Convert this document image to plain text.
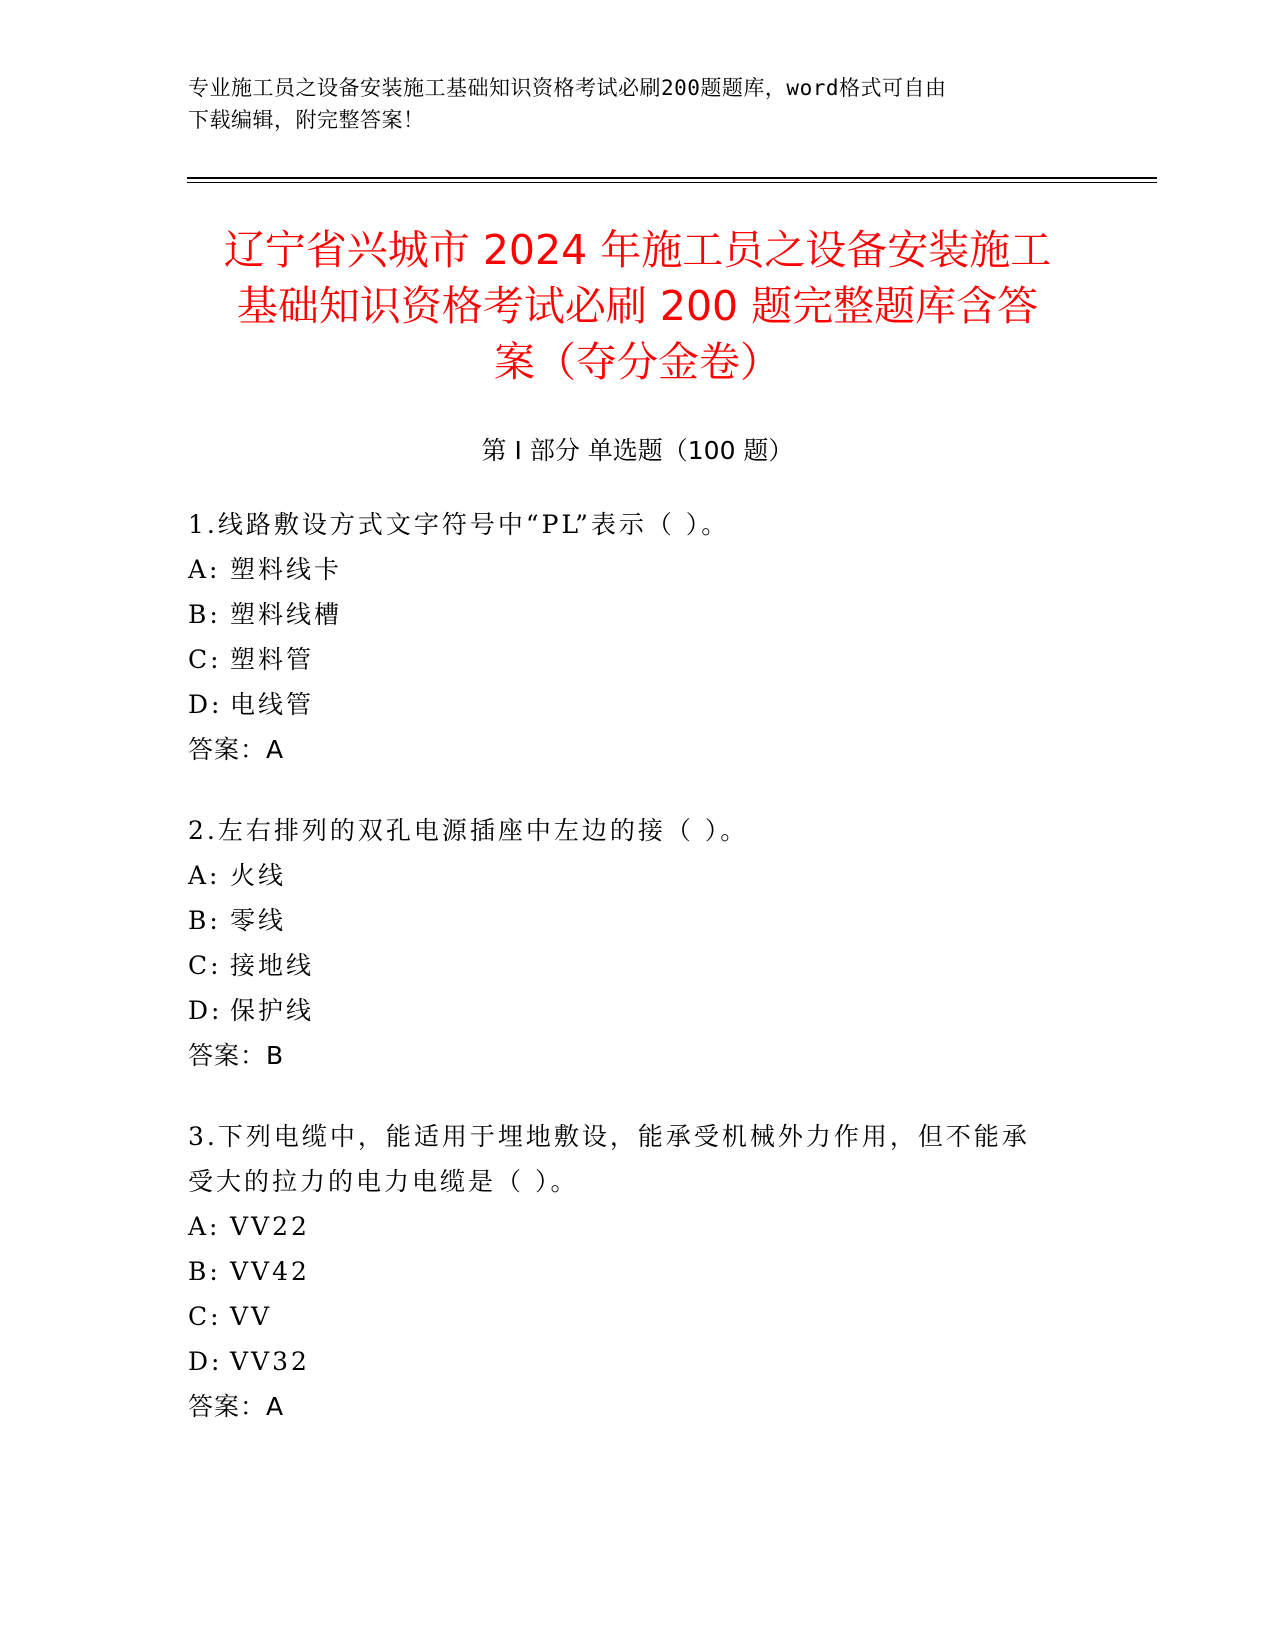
专业施工员之设备安装施工基础知识资格考试必刷200题题库，word格式可自由
下载编辑，附完整答案！
辽宁省兴城市 2024 年施工员之设备安装施工
基础知识资格考试必刷 200 题完整题库含答
案（夺分金卷）
第 I 部分 单选题（100 题）
1.线路敷设方式文字符号中“PL”表示（ ）。
A: 塑料线卡
B: 塑料线槽
C: 塑料管
D: 电线管
答案：A
2.左右排列的双孔电源插座中左边的接（ ）。
A: 火线
B: 零线
C: 接地线
D: 保护线
答案：B
3.下列电缆中，能适用于埋地敷设，能承受机械外力作用，但不能承
受大的拉力的电力电缆是（ ）。
A: VV22
B: VV42
C: VV
D: VV32
答案：A
